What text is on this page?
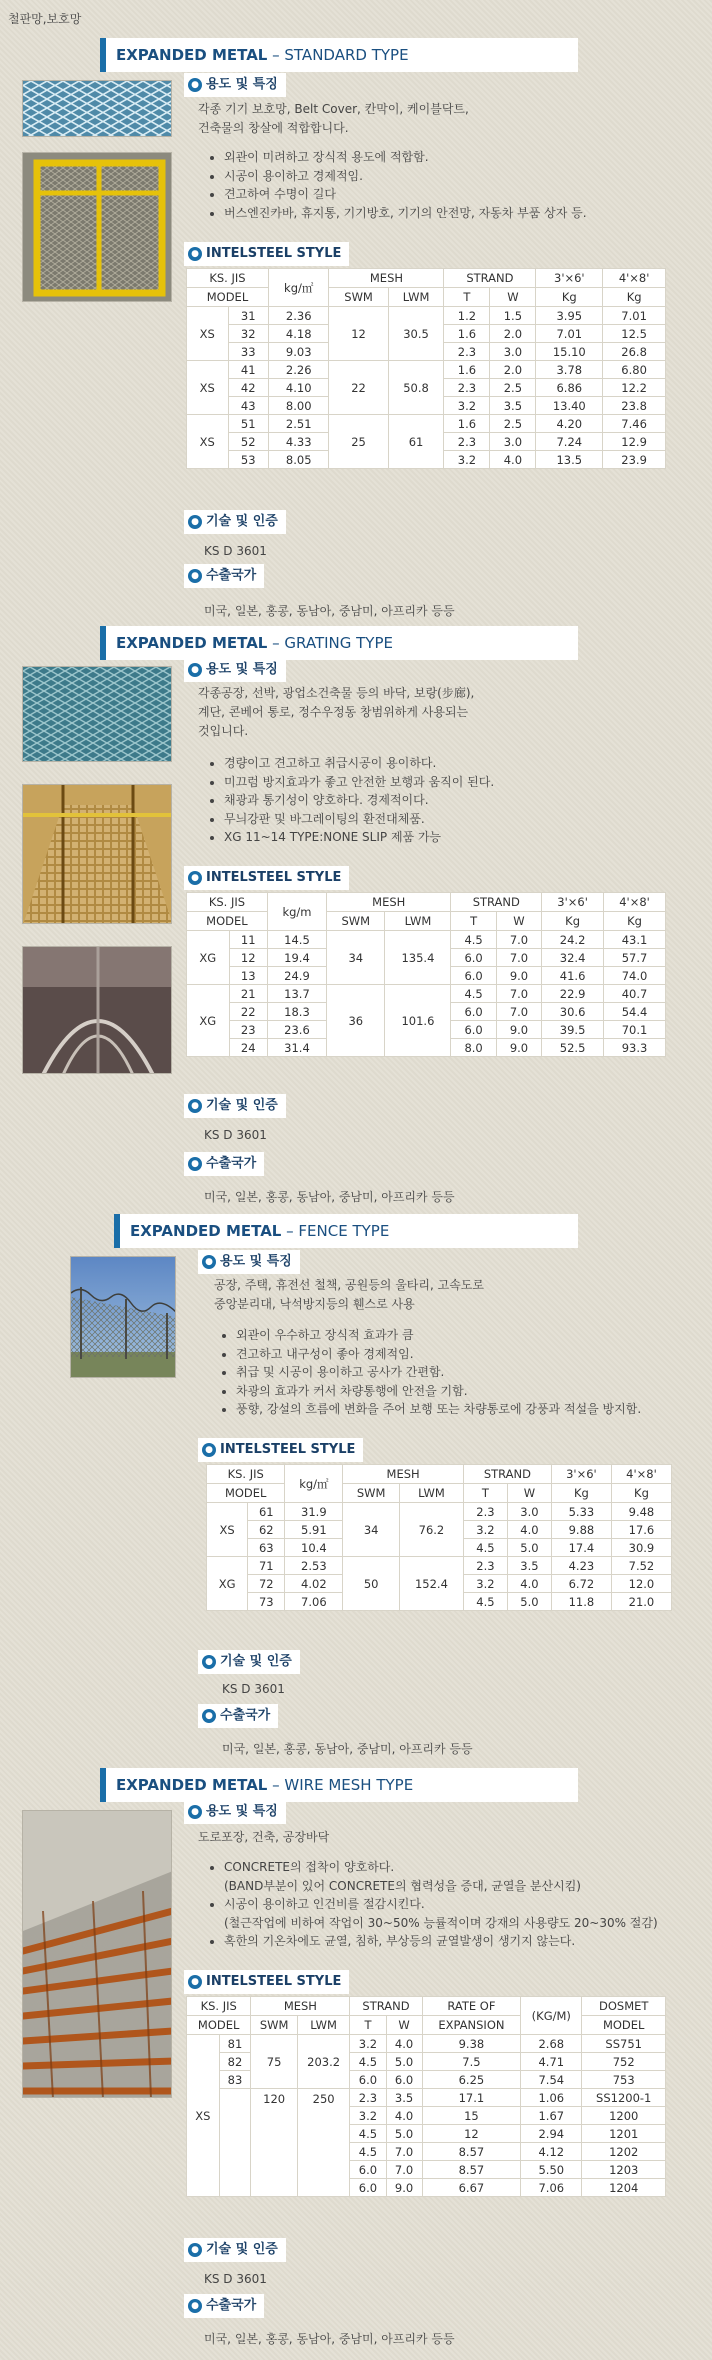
철판망,보호망
EXPANDED METAL – STANDARD TYPE
● 용도 및 특징
각종 기기 보호망, Belt Cover, 칸막이, 케이블닥트,
건축물의 창살에 적합합니다.
• 외관이 미려하고 장식적 용도에 적합함.
• 시공이 용이하고 경제적임.
• 견고하여 수명이 길다
• 버스엔진카바, 휴지통, 기기방호, 기기의 안전망, 자동차 부품 상자 등.
● INTELSTEEL STYLE
KS. JIS		kg/㎡	MESH		STRAND		3'×6'	4'×8'
MODEL			SWM	LWM	T	W	Kg	Kg
XS	31	2.36	12	30.5	1.2	1.5	3.95	7.01
	32	4.18			1.6	2.0	7.01	12.5
	33	9.03			2.3	3.0	15.10	26.8
XS	41	2.26	22	50.8	1.6	2.0	3.78	6.80
	42	4.10			2.3	2.5	6.86	12.2
	43	8.00			3.2	3.5	13.40	23.8
XS	51	2.51	25	61	1.6	2.5	4.20	7.46
	52	4.33			2.3	3.0	7.24	12.9
	53	8.05			3.2	4.0	13.5	23.9
● 기술 및 인증
KS D 3601
● 수출국가
미국, 일본, 홍콩, 동남아, 중남미, 아프리카 등등
EXPANDED METAL – GRATING TYPE
● 용도 및 특징
각종공장, 선박, 광업소건축물 등의 바닥, 보랑(步廊),
계단, 콘베어 통로, 정수우정동 창범위하게 사용되는
것입니다.
• 경량이고 견고하고 취급시공이 용이하다.
• 미끄럼 방지효과가 좋고 안전한 보행과 움직이 된다.
• 채광과 통기성이 양호하다. 경제적이다.
• 무늬강판 및 바그레이팅의 환전대체품.
• XG 11~14 TYPE:NONE SLIP 제품 가능
● INTELSTEEL STYLE
KS. JIS		kg/m	MESH		STRAND		3'×6'	4'×8'
MODEL			SWM	LWM	T	W	Kg	Kg
XG	11	14.5	34	135.4	4.5	7.0	24.2	43.1
	12	19.4			6.0	7.0	32.4	57.7
	13	24.9			6.0	9.0	41.6	74.0
XG	21	13.7	36	101.6	4.5	7.0	22.9	40.7
	22	18.3			6.0	7.0	30.6	54.4
	23	23.6			6.0	9.0	39.5	70.1
	24	31.4			8.0	9.0	52.5	93.3
● 기술 및 인증
KS D 3601
● 수출국가
미국, 일본, 홍콩, 동남아, 중남미, 아프리카 등등
EXPANDED METAL – FENCE TYPE
● 용도 및 특징
공장, 주택, 휴전선 철책, 공원등의 울타리, 고속도로
중앙분리대, 낙석방지등의 휀스로 사용
• 외관이 우수하고 장식적 효과가 큼
• 견고하고 내구성이 좋아 경제적임.
• 취급 및 시공이 용이하고 공사가 간편함.
• 차광의 효과가 커서 차량통행에 안전을 기함.
• 풍향, 강설의 흐름에 변화을 주어 보행 또는 차량통로에 강풍과 적설을 방지함.
● INTELSTEEL STYLE
KS. JIS		kg/㎡	MESH		STRAND		3'×6'	4'×8'
MODEL			SWM	LWM	T	W	Kg	Kg
XS	61	31.9	34	76.2	2.3	3.0	5.33	9.48
	62	5.91			3.2	4.0	9.88	17.6
	63	10.4			4.5	5.0	17.4	30.9
XG	71	2.53	50	152.4	2.3	3.5	4.23	7.52
	72	4.02			3.2	4.0	6.72	12.0
	73	7.06			4.5	5.0	11.8	21.0
● 기술 및 인증
KS D 3601
● 수출국가
미국, 일본, 홍콩, 동남아, 중남미, 아프리카 등등
EXPANDED METAL – WIRE MESH TYPE
● 용도 및 특징
도로포장, 건축, 공장바닥
• CONCRETE의 접착이 양호하다.
(BAND부분이 있어 CONCRETE의 협력성을 증대, 균열을 분산시킴)
• 시공이 용이하고 인건비를 절감시킨다.
(철근작업에 비하여 작업이 30~50% 능률적이며 강재의 사용량도 20~30% 절감)
• 혹한의 기온차에도 균열, 침하, 부상등의 균열발생이 생기지 않는다.
● INTELSTEEL STYLE
KS. JIS		MESH		STRAND		RATE OF	(KG/M)	DOSMET
MODEL		SWM	LWM	T	W	EXPANSION		MODEL
XS	81	75	203.2	3.2	4.0	9.38	2.68	SS751
	82			4.5	5.0	7.5	4.71	752
	83			6.0	6.0	6.25	7.54	753
		120	250	2.3	3.5	17.1	1.06	SS1200-1
				3.2	4.0	15	1.67	1200
				4.5	5.0	12	2.94	1201
				4.5	7.0	8.57	4.12	1202
				6.0	7.0	8.57	5.50	1203
				6.0	9.0	6.67	7.06	1204
● 기술 및 인증
KS D 3601
● 수출국가
미국, 일본, 홍콩, 동남아, 중남미, 아프리카 등등
